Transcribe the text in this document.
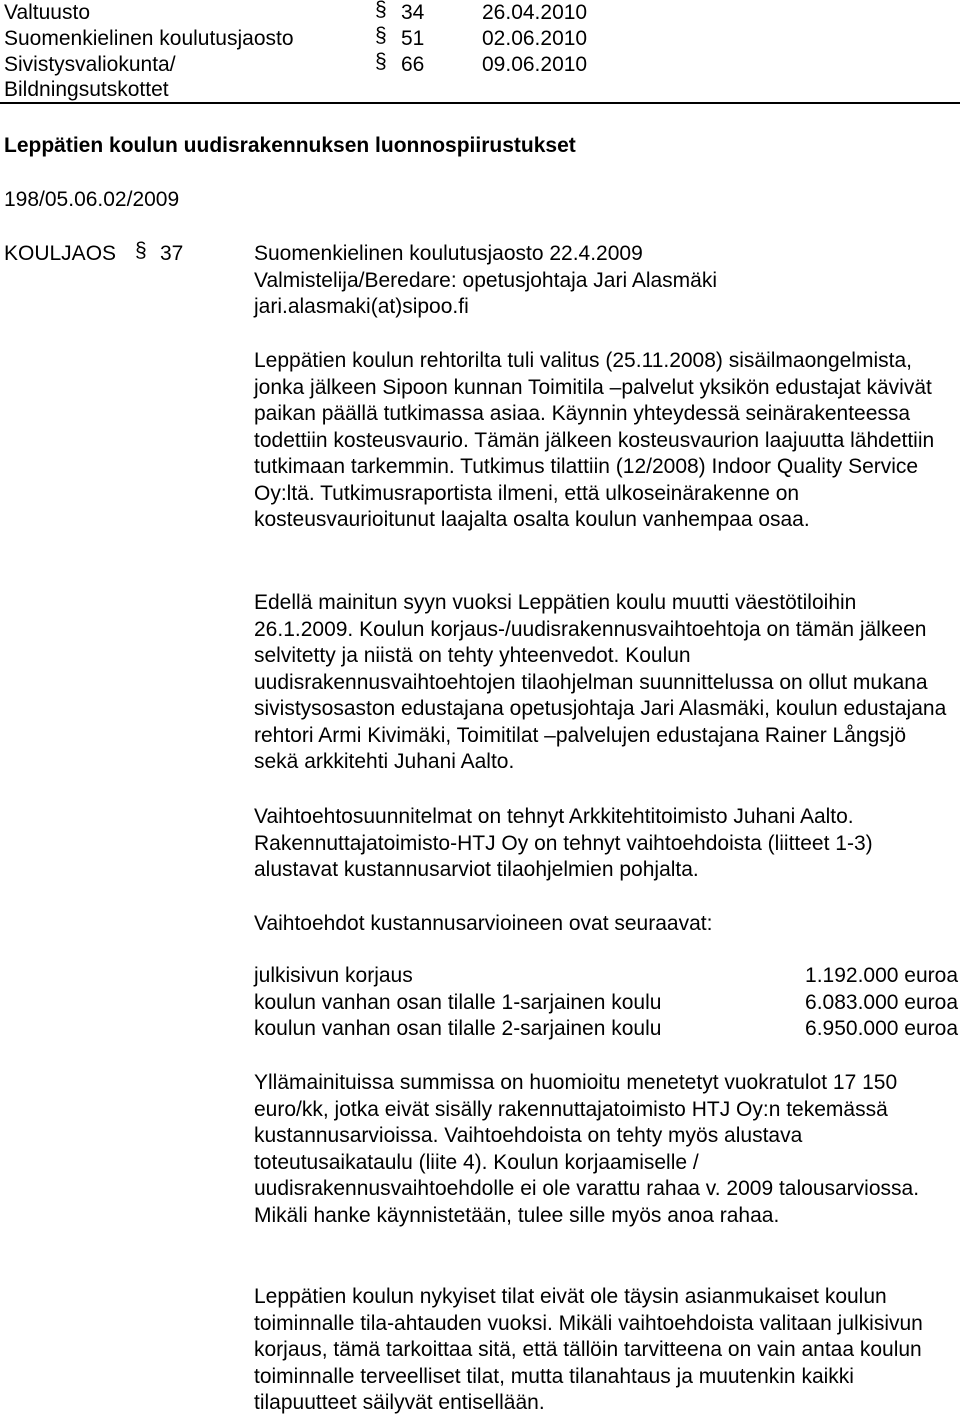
Valtuusto	§ 34	26.04.2010
Suomenkielinen koulutusjaosto	§ 51	02.06.2010
Sivistysvaliokunta/	§ 66	09.06.2010
Bildningsutskottet
Leppätien koulun uudisrakennuksen luonnospiirustukset
198/05.06.02/2009
KOULJAOS § 37	Suomenkielinen koulutusjaosto 22.4.2009
Valmistelija/Beredare: opetusjohtaja Jari Alasmäki
jari.alasmaki(at)sipoo.fi

Leppätien koulun rehtorilta tuli valitus (25.11.2008) sisäilmaongelmista, jonka jälkeen Sipoon kunnan Toimitila –palvelut yksikön edustajat kävivät paikan päällä tutkimassa asiaa. Käynnin yhteydessä seinärakenteessa todettiin kosteusvaurio. Tämän jälkeen kosteusvaurion laajuutta lähdettiin tutkimaan tarkemmin. Tutkimus tilattiin (12/2008) Indoor Quality Service Oy:ltä. Tutkimusraportista ilmeni, että ulkoseinärakenne on kosteusvaurioitunut laajalta osalta koulun vanhempaa osaa.

Edellä mainitun syyn vuoksi Leppätien koulu muutti väestötiloihin 26.1.2009. Koulun korjaus-/uudisrakennusvaihtoehtoja on tämän jälkeen selvitetty ja niistä on tehty yhteenvedot. Koulun uudisrakennusvaihtoehtojen tilaohjelman suunnittelussa on ollut mukana sivistysosaston edustajana opetusjohtaja Jari Alasmäki, koulun edustajana rehtori Armi Kivimäki, Toimitilat –palvelujen edustajana Rainer Långsjö sekä arkkitehti Juhani Aalto.

Vaihtoehtosuunnitelmat on tehnyt Arkkitehtitoimisto Juhani Aalto. Rakennuttajatoimisto-HTJ Oy on tehnyt vaihtoehdoista (liitteet 1-3) alustavat kustannusarviot tilaohjelmien pohjalta.

Vaihtoehdot kustannusarvioineen ovat seuraavat:

julkisivun korjaus	1.192.000 euroa
koulun vanhan osan tilalle 1-sarjainen koulu	6.083.000 euroa
koulun vanhan osan tilalle 2-sarjainen koulu	6.950.000 euroa

Yllämainituissa summissa on huomioitu menetetyt vuokratulot 17 150 euro/kk, jotka eivät sisälly rakennuttajatoimisto HTJ Oy:n tekemässä kustannusarvioissa. Vaihtoehdoista on tehty myös alustava toteutusaikataulu (liite 4). Koulun korjaamiselle / uudisrakennusvaihtoehdolle ei ole varattu rahaa v. 2009 talousarviossa. Mikäli hanke käynnistetään, tulee sille myös anoa rahaa.

Leppätien koulun nykyiset tilat eivät ole täysin asianmukaiset koulun toiminnalle tila-ahtauden vuoksi. Mikäli vaihtoehdoista valitaan julkisivun korjaus, tämä tarkoittaa sitä, että tällöin tarvitteena on vain antaa koulun toiminnalle terveelliset tilat, mutta tilanahtaus ja muutenkin kaikki tilapuutteet säilyvät entisellään.
